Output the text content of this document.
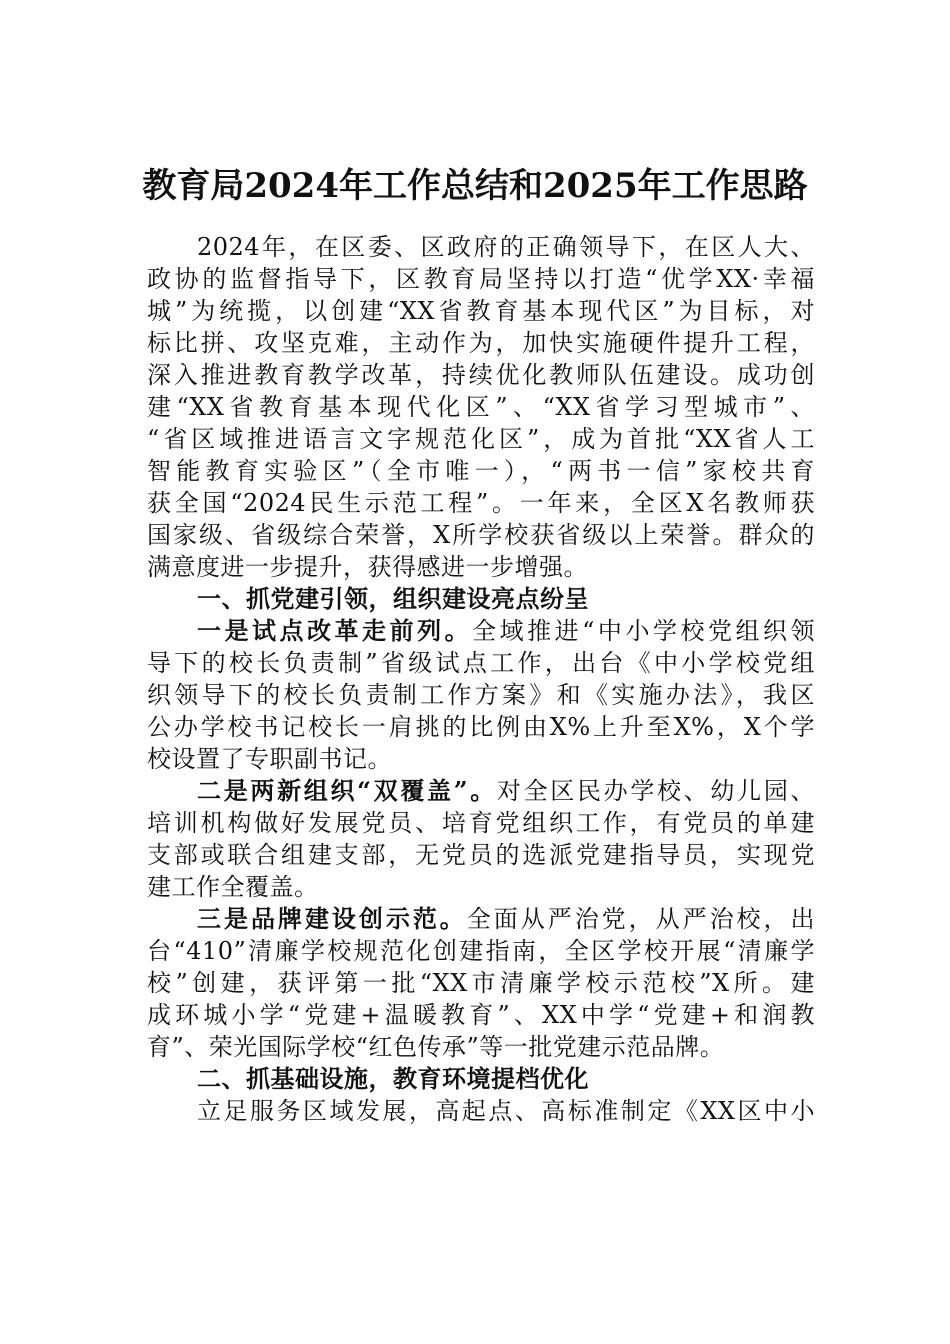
教育局2024年工作总结和2025年工作思路
2024年，在区委、区政府的正确领导下，在区人大、
政协的监督指导下，区教育局坚持以打造“优学XX·幸福
城”为统揽，以创建“XX省教育基本现代区”为目标，对
标比拼、攻坚克难，主动作为，加快实施硬件提升工程，
深入推进教育教学改革，持续优化教师队伍建设。成功创
建“XX省教育基本现代化区”、“XX省学习型城市”、
“省区域推进语言文字规范化区”，成为首批“XX省人工
智能教育实验区”（全市唯一），“两书一信”家校共育
获全国“2024民生示范工程”。一年来，全区X名教师获
国家级、省级综合荣誉，X所学校获省级以上荣誉。群众的
满意度进一步提升，获得感进一步增强。
一、抓党建引领，组织建设亮点纷呈
一是试点改革走前列。全域推进“中小学校党组织领
导下的校长负责制”省级试点工作，出台《中小学校党组
织领导下的校长负责制工作方案》和《实施办法》，我区
公办学校书记校长一肩挑的比例由X%上升至X%，X个学
校设置了专职副书记。
二是两新组织“双覆盖”。对全区民办学校、幼儿园、
培训机构做好发展党员、培育党组织工作，有党员的单建
支部或联合组建支部，无党员的选派党建指导员，实现党
建工作全覆盖。
三是品牌建设创示范。全面从严治党，从严治校，出
台“410”清廉学校规范化创建指南，全区学校开展“清廉学
校”创建，获评第一批“XX市清廉学校示范校”X所。建
成环城小学“党建+温暖教育”、XX中学“党建+和润教
育”、荣光国际学校“红色传承”等一批党建示范品牌。
二、抓基础设施，教育环境提档优化
立足服务区域发展，高起点、高标准制定《XX区中小
